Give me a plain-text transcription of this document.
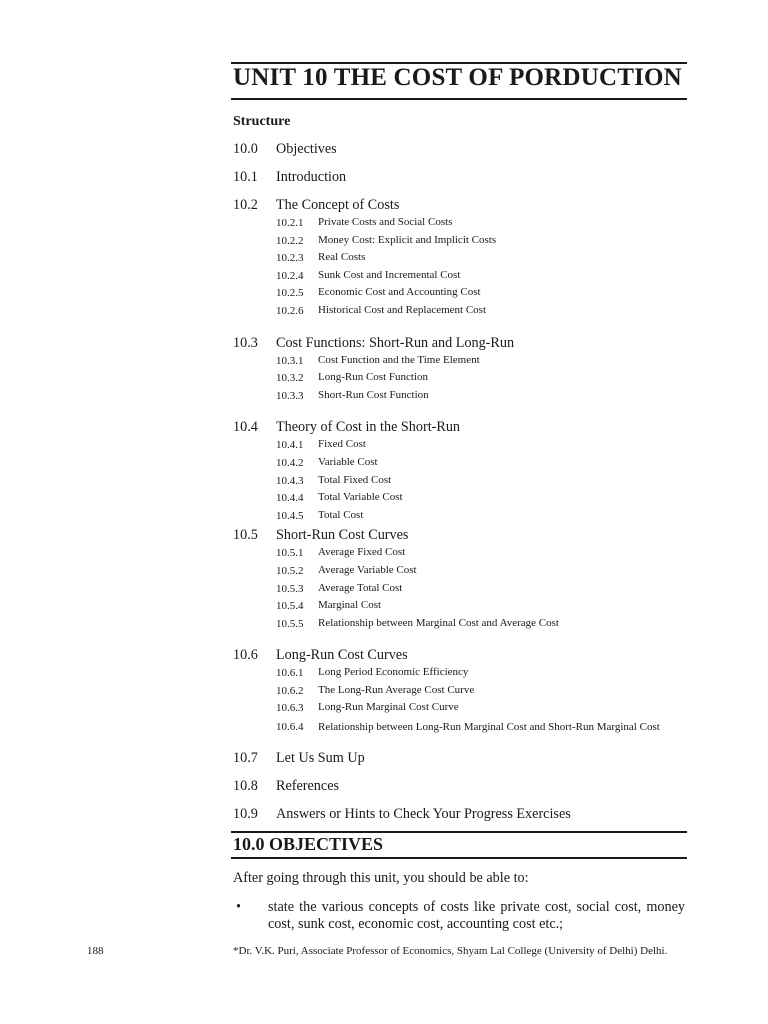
UNIT 10 THE COST OF PORDUCTION
Structure
10.0	Objectives
10.1	Introduction
10.2	The Concept of Costs
10.2.1	Private Costs and Social Costs
10.2.2	Money Cost: Explicit and Implicit Costs
10.2.3	Real Costs
10.2.4	Sunk Cost and Incremental Cost
10.2.5	Economic Cost and Accounting Cost
10.2.6	Historical Cost and Replacement Cost
10.3	Cost Functions: Short-Run and Long-Run
10.3.1	Cost Function and the Time Element
10.3.2	Long-Run Cost Function
10.3.3	Short-Run Cost Function
10.4	Theory of Cost in the Short-Run
10.4.1	Fixed Cost
10.4.2	Variable Cost
10.4.3	Total Fixed Cost
10.4.4	Total Variable Cost
10.4.5	Total Cost
10.5	Short-Run Cost Curves
10.5.1	Average Fixed Cost
10.5.2	Average Variable Cost
10.5.3	Average Total Cost
10.5.4	Marginal Cost
10.5.5	Relationship between Marginal Cost and Average Cost
10.6	Long-Run Cost Curves
10.6.1	Long Period Economic Efficiency
10.6.2	The Long-Run Average Cost Curve
10.6.3	Long-Run Marginal Cost Curve
10.6.4	Relationship between Long-Run Marginal Cost and Short-Run Marginal Cost
10.7	Let Us Sum Up
10.8	References
10.9	Answers or Hints to Check Your Progress Exercises
10.0 OBJECTIVES
After going through this unit, you should be able to:
•	state the various concepts of costs like private cost, social cost, money cost, sunk cost, economic cost, accounting cost etc.;
188	*Dr. V.K. Puri, Associate Professor of Economics, Shyam Lal College (University of Delhi) Delhi.
